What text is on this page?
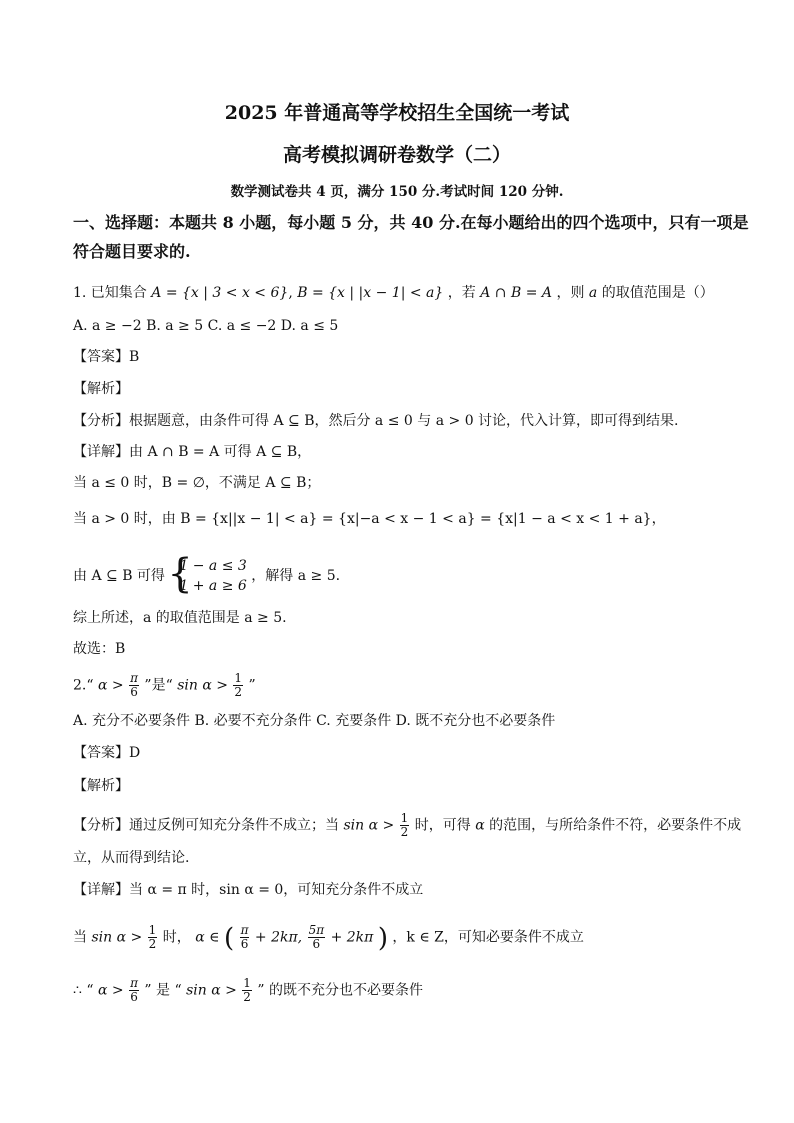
2025 年普通高等学校招生全国统一考试
高考模拟调研卷数学（二）
数学测试卷共 4 页，满分 150 分.考试时间 120 分钟.
一、选择题：本题共 8 小题，每小题 5 分，共 40 分.在每小题给出的四个选项中，只有一项是
符合题目要求的.
1. 已知集合 A = {x | 3 < x < 6}, B = {x | |x − 1| < a} ，若 A ∩ B = A ，则 a 的取值范围是（）
A. a ≥ −2 B. a ≥ 5 C. a ≤ −2 D. a ≤ 5
【答案】B
【解析】
【分析】根据题意，由条件可得 A ⊆ B，然后分 a ≤ 0 与 a > 0 讨论，代入计算，即可得到结果.
【详解】由 A ∩ B = A 可得 A ⊆ B，
当 a ≤ 0 时，B = ∅，不满足 A ⊆ B；
当 a > 0 时，由 B = {x||x − 1| < a} = {x|−a < x − 1 < a} = {x|1 − a < x < 1 + a}，
由 A ⊆ B 可得 {
1 − a ≤ 3
1 + a ≥ 6
，解得 a ≥ 5.
综上所述，a 的取值范围是 a ≥ 5.
故选：B
2.“ $\alpha > \frac{\pi}{6}$ ”是“ $\sin \alpha > \frac{1}{2}$ ”
A. 充分不必要条件 B. 必要不充分条件 C. 充要条件 D. 既不充分也不必要条件
【答案】D
【解析】
【分析】通过反例可知充分条件不成立；当 $\sin \alpha > \frac{1}{2}$ 时，可得 α 的范围，与所给条件不符，必要条件不成
立，从而得到结论.
【详解】当 α = π 时，sin α = 0，可知充分条件不成立
当 $\sin \alpha > \frac{1}{2}$ 时， α ∈ ( $\frac{\pi}{6} + 2k\pi$, $\frac{5\pi}{6} + 2k\pi$ ) ，k ∈ Z，可知必要条件不成立
∴ “ $\alpha > \frac{\pi}{6}$ ” 是 “ $\sin \alpha > \frac{1}{2}$ ” 的既不充分也不必要条件
